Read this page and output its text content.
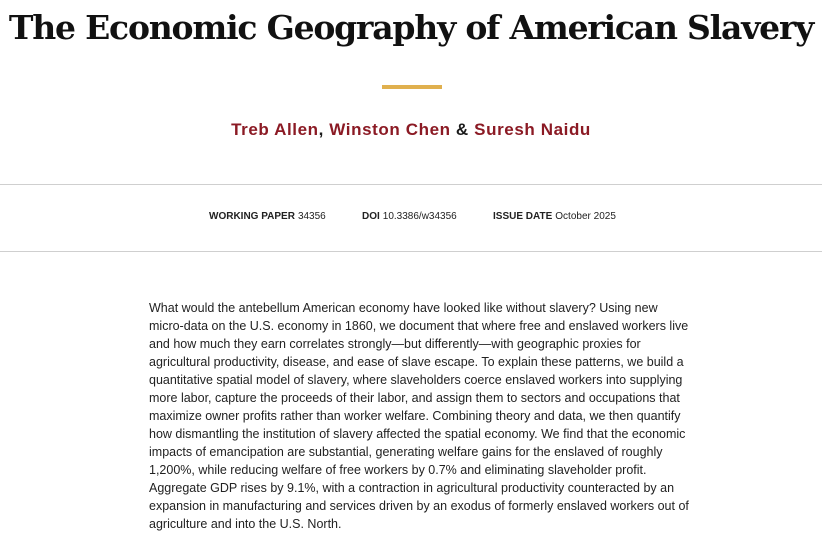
The Economic Geography of American Slavery
Treb Allen, Winston Chen & Suresh Naidu
WORKING PAPER 34356	DOI 10.3386/w34356	ISSUE DATE October 2025

What would the antebellum American economy have looked like without slavery? Using new micro-data on the U.S. economy in 1860, we document that where free and enslaved workers live and how much they earn correlates strongly—but differently—with geographic proxies for agricultural productivity, disease, and ease of slave escape. To explain these patterns, we build a quantitative spatial model of slavery, where slaveholders coerce enslaved workers into supplying more labor, capture the proceeds of their labor, and assign them to sectors and occupations that maximize owner profits rather than worker welfare. Combining theory and data, we then quantify how dismantling the institution of slavery affected the spatial economy. We find that the economic impacts of emancipation are substantial, generating welfare gains for the enslaved of roughly 1,200%, while reducing welfare of free workers by 0.7% and eliminating slaveholder profit. Aggregate GDP rises by 9.1%, with a contraction in agricultural productivity counteracted by an expansion in manufacturing and services driven by an exodus of formerly enslaved workers out of agriculture and into the U.S. North.
